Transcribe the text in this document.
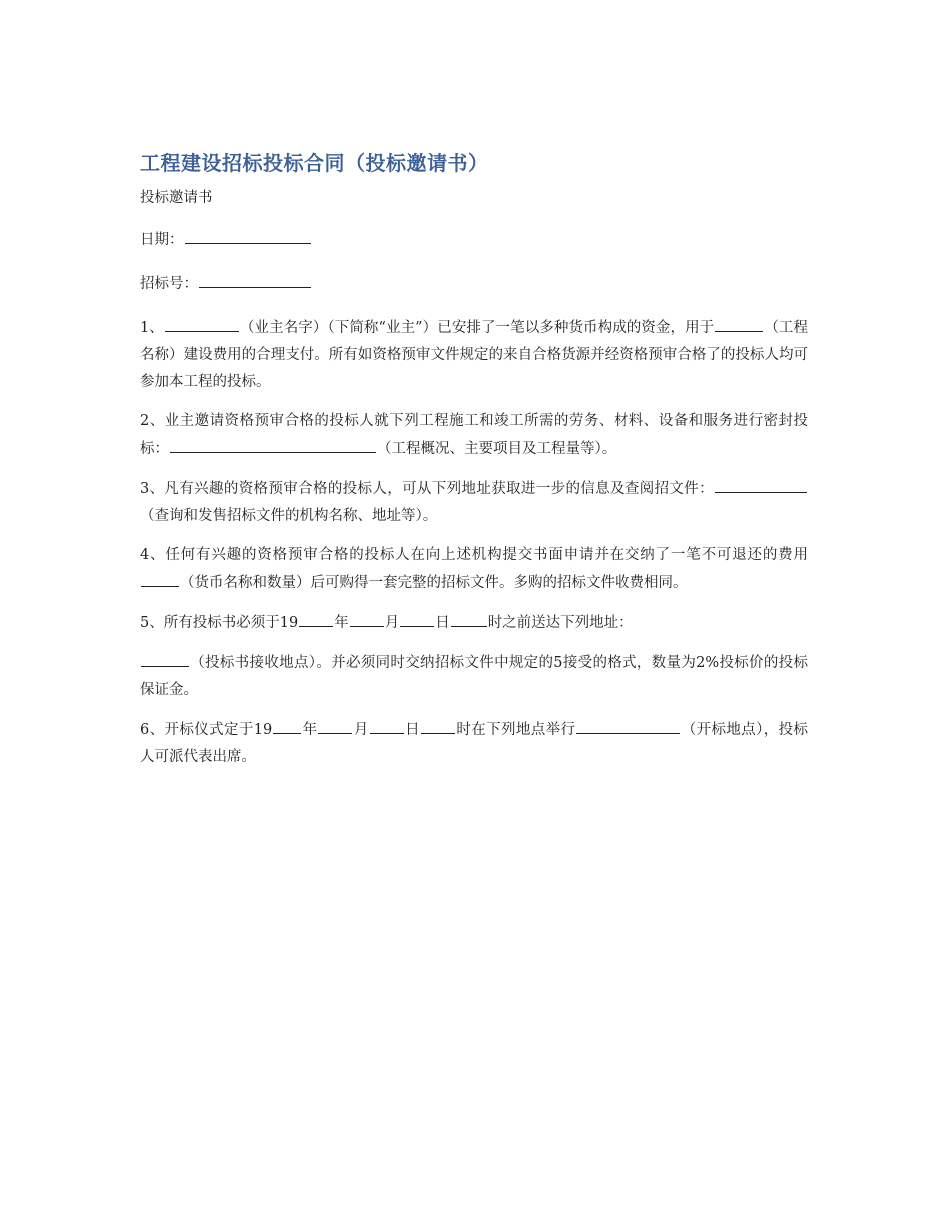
工程建设招标投标合同（投标邀请书）
投标邀请书
日期：
招标号：

1、	（业主名字）（下简称“业主”）已安排了一笔以多种货币构成的资金，用于	（工程名称）建设费用的合理支付。所有如资格预审文件规定的来自合格货源并经资格预审合格了的投标人均可参加本工程的投标。

2、业主邀请资格预审合格的投标人就下列工程施工和竣工所需的劳务、材料、设备和服务进行密封投标：	（工程概况、主要项目及工程量等）。

3、凡有兴趣的资格预审合格的投标人，可从下列地址获取进一步的信息及查阅招文件：（查询和发售招标文件的机构名称、地址等）。

4、任何有兴趣的资格预审合格的投标人在向上述机构提交书面申请并在交纳了一笔不可退还的费用（货币名称和数量）后可购得一套完整的招标文件。多购的招标文件收费相同。

5、所有投标书必须于19 年 月 日	时之前送达下列地址：

（投标书接收地点）。并必须同时交纳招标文件中规定的5接受的格式，数量为2%投标价的投标保证金。

6、开标仪式定于19 年 月 日 时在下列地点举行	（开标地点），投标人可派代表出席。
